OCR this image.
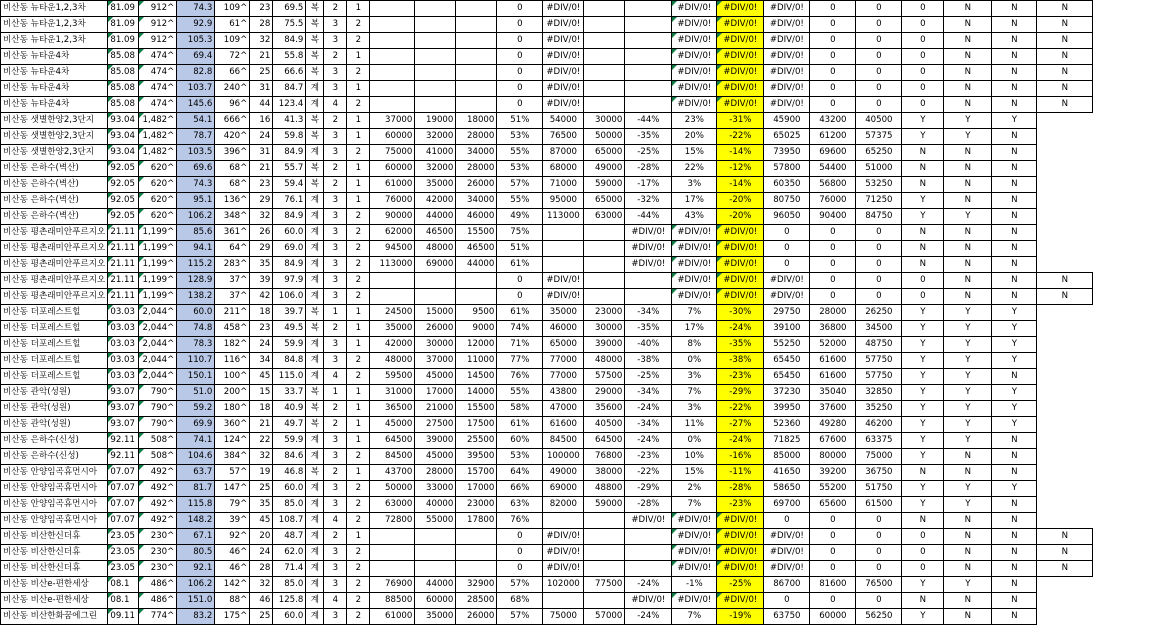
비산동 뉴타운1,2,3차	81.09	912^	74.3	109^	23	69.5	복	2	1				0	#DIV/0!			#DIV/0!	#DIV/0!	#DIV/0!	0	0	0	N	N	N
비산동 뉴타운1,2,3차	81.09	912^	92.9	61^	28	75.5	복	3	2				0	#DIV/0!			#DIV/0!	#DIV/0!	#DIV/0!	0	0	0	N	N	N
비산동 뉴타운1,2,3차	81.09	912^	105.3	109^	32	84.9	복	3	2				0	#DIV/0!			#DIV/0!	#DIV/0!	#DIV/0!	0	0	0	N	N	N
비산동 뉴타운4차	85.08	474^	69.4	72^	21	55.8	복	2	1				0	#DIV/0!			#DIV/0!	#DIV/0!	#DIV/0!	0	0	0	N	N	N
비산동 뉴타운4차	85.08	474^	82.8	66^	25	66.6	복	3	2				0	#DIV/0!			#DIV/0!	#DIV/0!	#DIV/0!	0	0	0	N	N	N
비산동 뉴타운4차	85.08	474^	103.7	240^	31	84.7	계	3	1				0	#DIV/0!			#DIV/0!	#DIV/0!	#DIV/0!	0	0	0	N	N	N
비산동 뉴타운4차	85.08	474^	145.6	96^	44	123.4	계	4	2				0	#DIV/0!			#DIV/0!	#DIV/0!	#DIV/0!	0	0	0	N	N	N
비산동 샛별한양2,3단지	93.04	1,482^	54.1	666^	16	41.3	복	2	1	37000	19000	18000	51%	54000	30000	-44%	23%	-31%	45900	43200	40500	Y	Y	Y	
비산동 샛별한양2,3단지	93.04	1,482^	78.7	420^	24	59.8	복	3	1	60000	32000	28000	53%	76500	50000	-35%	20%	-22%	65025	61200	57375	Y	Y	N	
비산동 샛별한양2,3단지	93.04	1,482^	103.5	396^	31	84.9	계	3	2	75000	41000	34000	55%	87000	65000	-25%	15%	-14%	73950	69600	65250	N	N	N	
비산동 은하수(벽산)	92.05	620^	69.6	68^	21	55.7	복	2	1	60000	32000	28000	53%	68000	49000	-28%	22%	-12%	57800	54400	51000	N	N	N	
비산동 은하수(벽산)	92.05	620^	74.3	68^	23	59.4	복	2	1	61000	35000	26000	57%	71000	59000	-17%	3%	-14%	60350	56800	53250	N	N	N	
비산동 은하수(벽산)	92.05	620^	95.1	136^	29	76.1	계	3	1	76000	42000	34000	55%	95000	65000	-32%	17%	-20%	80750	76000	71250	Y	N	N	
비산동 은하수(벽산)	92.05	620^	106.2	348^	32	84.9	계	3	2	90000	44000	46000	49%	113000	63000	-44%	43%	-20%	96050	90400	84750	Y	Y	N	
비산동 평촌래미안푸르지오	21.11	1,199^	85.6	361^	26	60.0	계	3	2	62000	46500	15500	75%			#DIV/0!	#DIV/0!	#DIV/0!	0	0	0	N	N	N	
비산동 평촌래미안푸르지오	21.11	1,199^	94.1	64^	29	69.0	계	3	2	94500	48000	46500	51%			#DIV/0!	#DIV/0!	#DIV/0!	0	0	0	N	N	N	
비산동 평촌래미안푸르지오	21.11	1,199^	115.2	283^	35	84.9	계	3	2	113000	69000	44000	61%			#DIV/0!	#DIV/0!	#DIV/0!	0	0	0	N	N	N	
비산동 평촌래미안푸르지오	21.11	1,199^	128.9	37^	39	97.9	계	3	2				0	#DIV/0!			#DIV/0!	#DIV/0!	#DIV/0!	0	0	0	N	N	N
비산동 평촌래미안푸르지오	21.11	1,199^	138.2	37^	42	106.0	계	3	2				0	#DIV/0!			#DIV/0!	#DIV/0!	#DIV/0!	0	0	0	N	N	N
비산동 더포레스트힐	03.03	2,044^	60.0	211^	18	39.7	복	1	1	24500	15000	9500	61%	35000	23000	-34%	7%	-30%	29750	28000	26250	Y	Y	Y	
비산동 더포레스트힐	03.03	2,044^	74.8	458^	23	49.5	복	2	1	35000	26000	9000	74%	46000	30000	-35%	17%	-24%	39100	36800	34500	Y	Y	Y	
비산동 더포레스트힐	03.03	2,044^	78.3	182^	24	59.9	계	3	1	42000	30000	12000	71%	65000	39000	-40%	8%	-35%	55250	52000	48750	Y	Y	Y	
비산동 더포레스트힐	03.03	2,044^	110.7	116^	34	84.8	계	3	2	48000	37000	11000	77%	77000	48000	-38%	0%	-38%	65450	61600	57750	Y	Y	Y	
비산동 더포레스트힐	03.03	2,044^	150.1	100^	45	115.0	계	4	2	59500	45000	14500	76%	77000	57500	-25%	3%	-23%	65450	61600	57750	Y	Y	N	
비산동 관악(성원)	93.07	790^	51.0	200^	15	33.7	복	1	1	31000	17000	14000	55%	43800	29000	-34%	7%	-29%	37230	35040	32850	Y	Y	Y	
비산동 관악(성원)	93.07	790^	59.2	180^	18	40.9	복	2	1	36500	21000	15500	58%	47000	35600	-24%	3%	-22%	39950	37600	35250	Y	Y	Y	
비산동 관악(성원)	93.07	790^	69.9	360^	21	49.7	복	2	1	45000	27500	17500	61%	61600	40500	-34%	11%	-27%	52360	49280	46200	Y	Y	Y	
비산동 은하수(신성)	92.11	508^	74.1	124^	22	59.9	계	3	1	64500	39000	25500	60%	84500	64500	-24%	0%	-24%	71825	67600	63375	Y	Y	N	
비산동 은하수(신성)	92.11	508^	104.6	384^	32	84.6	계	3	2	84500	45000	39500	53%	100000	76800	-23%	10%	-16%	85000	80000	75000	Y	N	N	
비산동 안양임곡휴먼시아	07.07	492^	63.7	57^	19	46.8	복	2	1	43700	28000	15700	64%	49000	38000	-22%	15%	-11%	41650	39200	36750	N	N	N	
비산동 안양임곡휴먼시아	07.07	492^	81.7	147^	25	60.0	계	3	2	50000	33000	17000	66%	69000	48800	-29%	2%	-28%	58650	55200	51750	Y	Y	Y	
비산동 안양임곡휴먼시아	07.07	492^	115.8	79^	35	85.0	계	3	2	63000	40000	23000	63%	82000	59000	-28%	7%	-23%	69700	65600	61500	Y	Y	N	
비산동 안양임곡휴먼시아	07.07	492^	148.2	39^	45	108.7	계	4	2	72800	55000	17800	76%			#DIV/0!	#DIV/0!	#DIV/0!	0	0	0	N	N	N	
비산동 비산한신더휴	23.05	230^	67.1	92^	20	48.7	계	2	1				0	#DIV/0!			#DIV/0!	#DIV/0!	#DIV/0!	0	0	0	N	N	N
비산동 비산한신더휴	23.05	230^	80.5	46^	24	62.0	계	3	2				0	#DIV/0!			#DIV/0!	#DIV/0!	#DIV/0!	0	0	0	N	N	N
비산동 비산한신더휴	23.05	230^	92.1	46^	28	71.4	계	3	2				0	#DIV/0!			#DIV/0!	#DIV/0!	#DIV/0!	0	0	0	N	N	N
비산동 비산e-편한세상	08.1	486^	106.2	142^	32	85.0	계	3	2	76900	44000	32900	57%	102000	77500	-24%	-1%	-25%	86700	81600	76500	Y	Y	N	
비산동 비산e-편한세상	08.1	486^	151.0	88^	46	125.8	계	4	2	88500	60000	28500	68%			#DIV/0!	#DIV/0!	#DIV/0!	0	0	0	N	N	N	
비산동 비산한화꿈에그린	09.11	774^	83.2	175^	25	60.0	계	3	2	61000	35000	26000	57%	75000	57000	-24%	7%	-19%	63750	60000	56250	Y	N	N	
